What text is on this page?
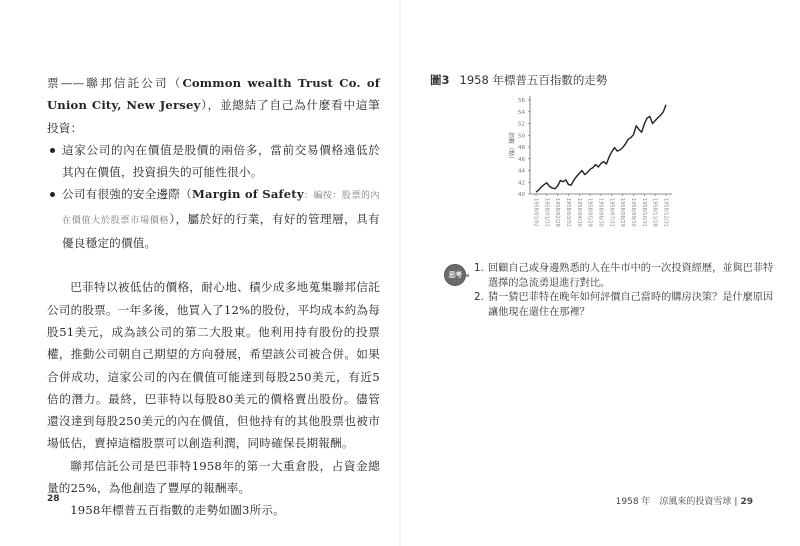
票——聯邦信託公司（Common wealth Trust Co. of Union City, New Jersey），並總結了自己為什麼看中這筆投資：

這家公司的內在價值是股價的兩倍多，當前交易價格遠低於其內在價值，投資損失的可能性很小。
公司有很強的安全邊際（Margin of Safety：編按：股票的內在價值大於股票市場價格），屬於好的行業，有好的管理層，具有優良穩定的價值。

巴菲特以被低估的價格，耐心地、積少成多地蒐集聯邦信託公司的股票。一年多後，他買入了12%的股份，平均成本約為每股51美元，成為該公司的第二大股東。他利用持有股份的投票權，推動公司朝自己期望的方向發展，希望該公司被合併。如果合併成功，這家公司的內在價值可能達到每股250美元，有近5倍的潛力。最終，巴菲特以每股80美元的價格賣出股份。儘管還沒達到每股250美元的內在價值，但他持有的其他股票也被市場低估，賣掉這檔股票可以創造利潤，同時確保長期報酬。

聯邦信託公司是巴菲特1958年的第一大重倉股，占資金總量的25%，為他創造了豐厚的報酬率。

1958年標普五百指數的走勢如圖3所示。

28
圖3 1958 年標普五百指數的走勢
40
42
44
46
48
50
52
54
56
指數（點）
1958/01/02 1958/01/31 1958/02/28 1958/03/31 1958/04/30 1958/05/29 1958/06/30 1958/07/31 1958/08/29 1958/09/30 1958/10/31 1958/11/28 1958/12/31
思考
1. 回顧自己或身邊熟悉的人在牛市中的一次投資經歷，並與巴菲特選擇的急流勇退進行對比。
2. 猜一猜巴菲特在晚年如何評價自己當時的購房決策？是什麼原因讓他現在還住在那裡？
1958 年　涼風來的投資雪球 | 29
